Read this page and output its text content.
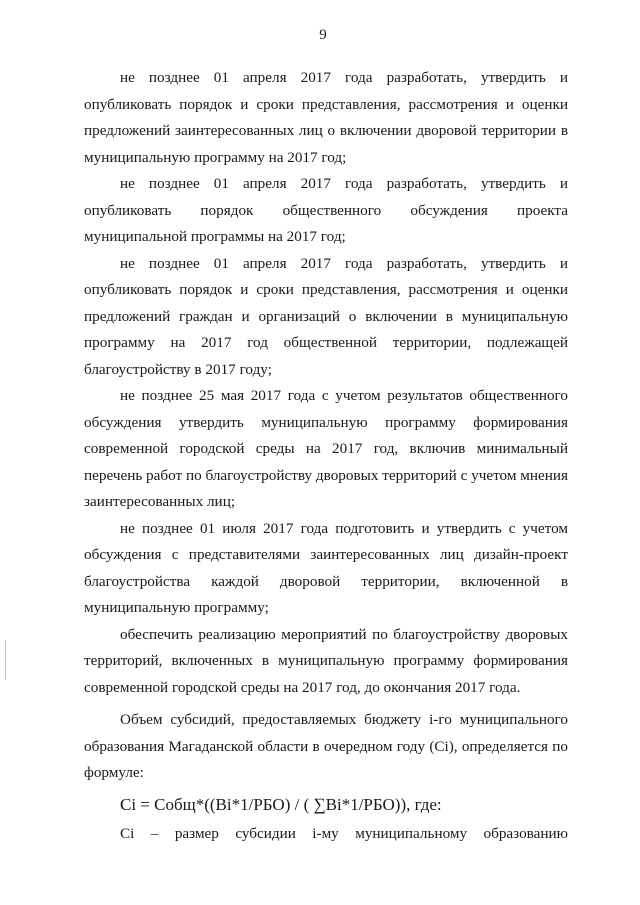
9

не позднее 01 апреля 2017 года разработать, утвердить и опубликовать порядок и сроки представления, рассмотрения и оценки предложений заинтересованных лиц о включении дворовой территории в муниципальную программу на 2017 год;

не позднее 01 апреля 2017 года разработать, утвердить и опубликовать порядок общественного обсуждения проекта муниципальной программы на 2017 год;

не позднее 01 апреля 2017 года разработать, утвердить и опубликовать порядок и сроки представления, рассмотрения и оценки предложений граждан и организаций о включении в муниципальную программу на 2017 год общественной территории, подлежащей благоустройству в 2017 году;

не позднее 25 мая 2017 года с учетом результатов общественного обсуждения утвердить муниципальную программу формирования современной городской среды на 2017 год, включив минимальный перечень работ по благоустройству дворовых территорий с учетом мнения заинтересованных лиц;

не позднее 01 июля 2017 года подготовить и утвердить с учетом обсуждения с представителями заинтересованных лиц дизайн-проект благоустройства каждой дворовой территории, включенной в муниципальную программу;

обеспечить реализацию мероприятий по благоустройству дворовых территорий, включенных в муниципальную программу формирования современной городской среды на 2017 год, до окончания 2017 года.

Объем субсидий, предоставляемых бюджету i-го муниципального образования Магаданской области в очередном году (Ci), определяется по формуле:

Ci = Cобщ*((Вi*1/РБО) / ( ∑Вi*1/РБО)), где:

Ci – размер субсидии i-му муниципальному образованию
